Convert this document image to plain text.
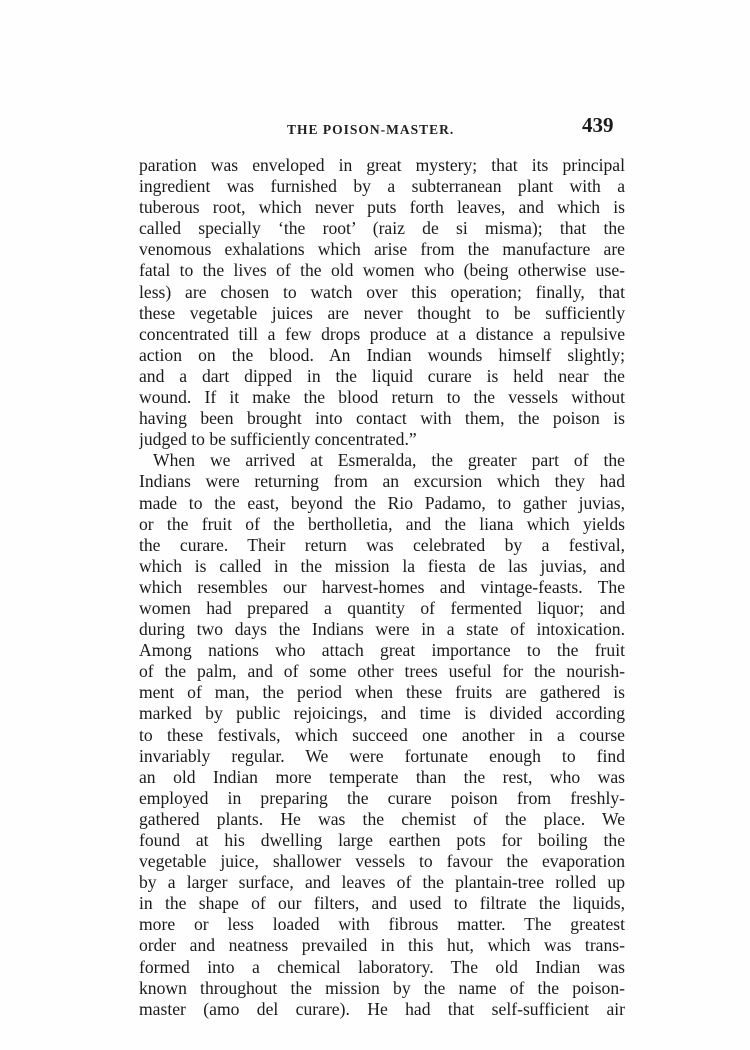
THE POISON-MASTER.	439
paration was enveloped in great mystery; that its principal
ingredient was furnished by a subterranean plant with a
tuberous root, which never puts forth leaves, and which is
called specially ‘the root’ (raiz de si misma); that the
venomous exhalations which arise from the manufacture are
fatal to the lives of the old women who (being otherwise use-
less) are chosen to watch over this operation; finally, that
these vegetable juices are never thought to be sufficiently
concentrated till a few drops produce at a distance a repulsive
action on the blood. An Indian wounds himself slightly;
and a dart dipped in the liquid curare is held near the
wound. If it make the blood return to the vessels without
having been brought into contact with them, the poison is
judged to be sufficiently concentrated.”
When we arrived at Esmeralda, the greater part of the
Indians were returning from an excursion which they had
made to the east, beyond the Rio Padamo, to gather juvias,
or the fruit of the bertholletia, and the liana which yields
the curare. Their return was celebrated by a festival,
which is called in the mission la fiesta de las juvias, and
which resembles our harvest-homes and vintage-feasts. The
women had prepared a quantity of fermented liquor; and
during two days the Indians were in a state of intoxication.
Among nations who attach great importance to the fruit
of the palm, and of some other trees useful for the nourish-
ment of man, the period when these fruits are gathered is
marked by public rejoicings, and time is divided according
to these festivals, which succeed one another in a course
invariably regular. We were fortunate enough to find
an old Indian more temperate than the rest, who was
employed in preparing the curare poison from freshly-
gathered plants. He was the chemist of the place. We
found at his dwelling large earthen pots for boiling the
vegetable juice, shallower vessels to favour the evaporation
by a larger surface, and leaves of the plantain-tree rolled up
in the shape of our filters, and used to filtrate the liquids,
more or less loaded with fibrous matter. The greatest
order and neatness prevailed in this hut, which was trans-
formed into a chemical laboratory. The old Indian was
known throughout the mission by the name of the poison-
master (amo del curare). He had that self-sufficient air
